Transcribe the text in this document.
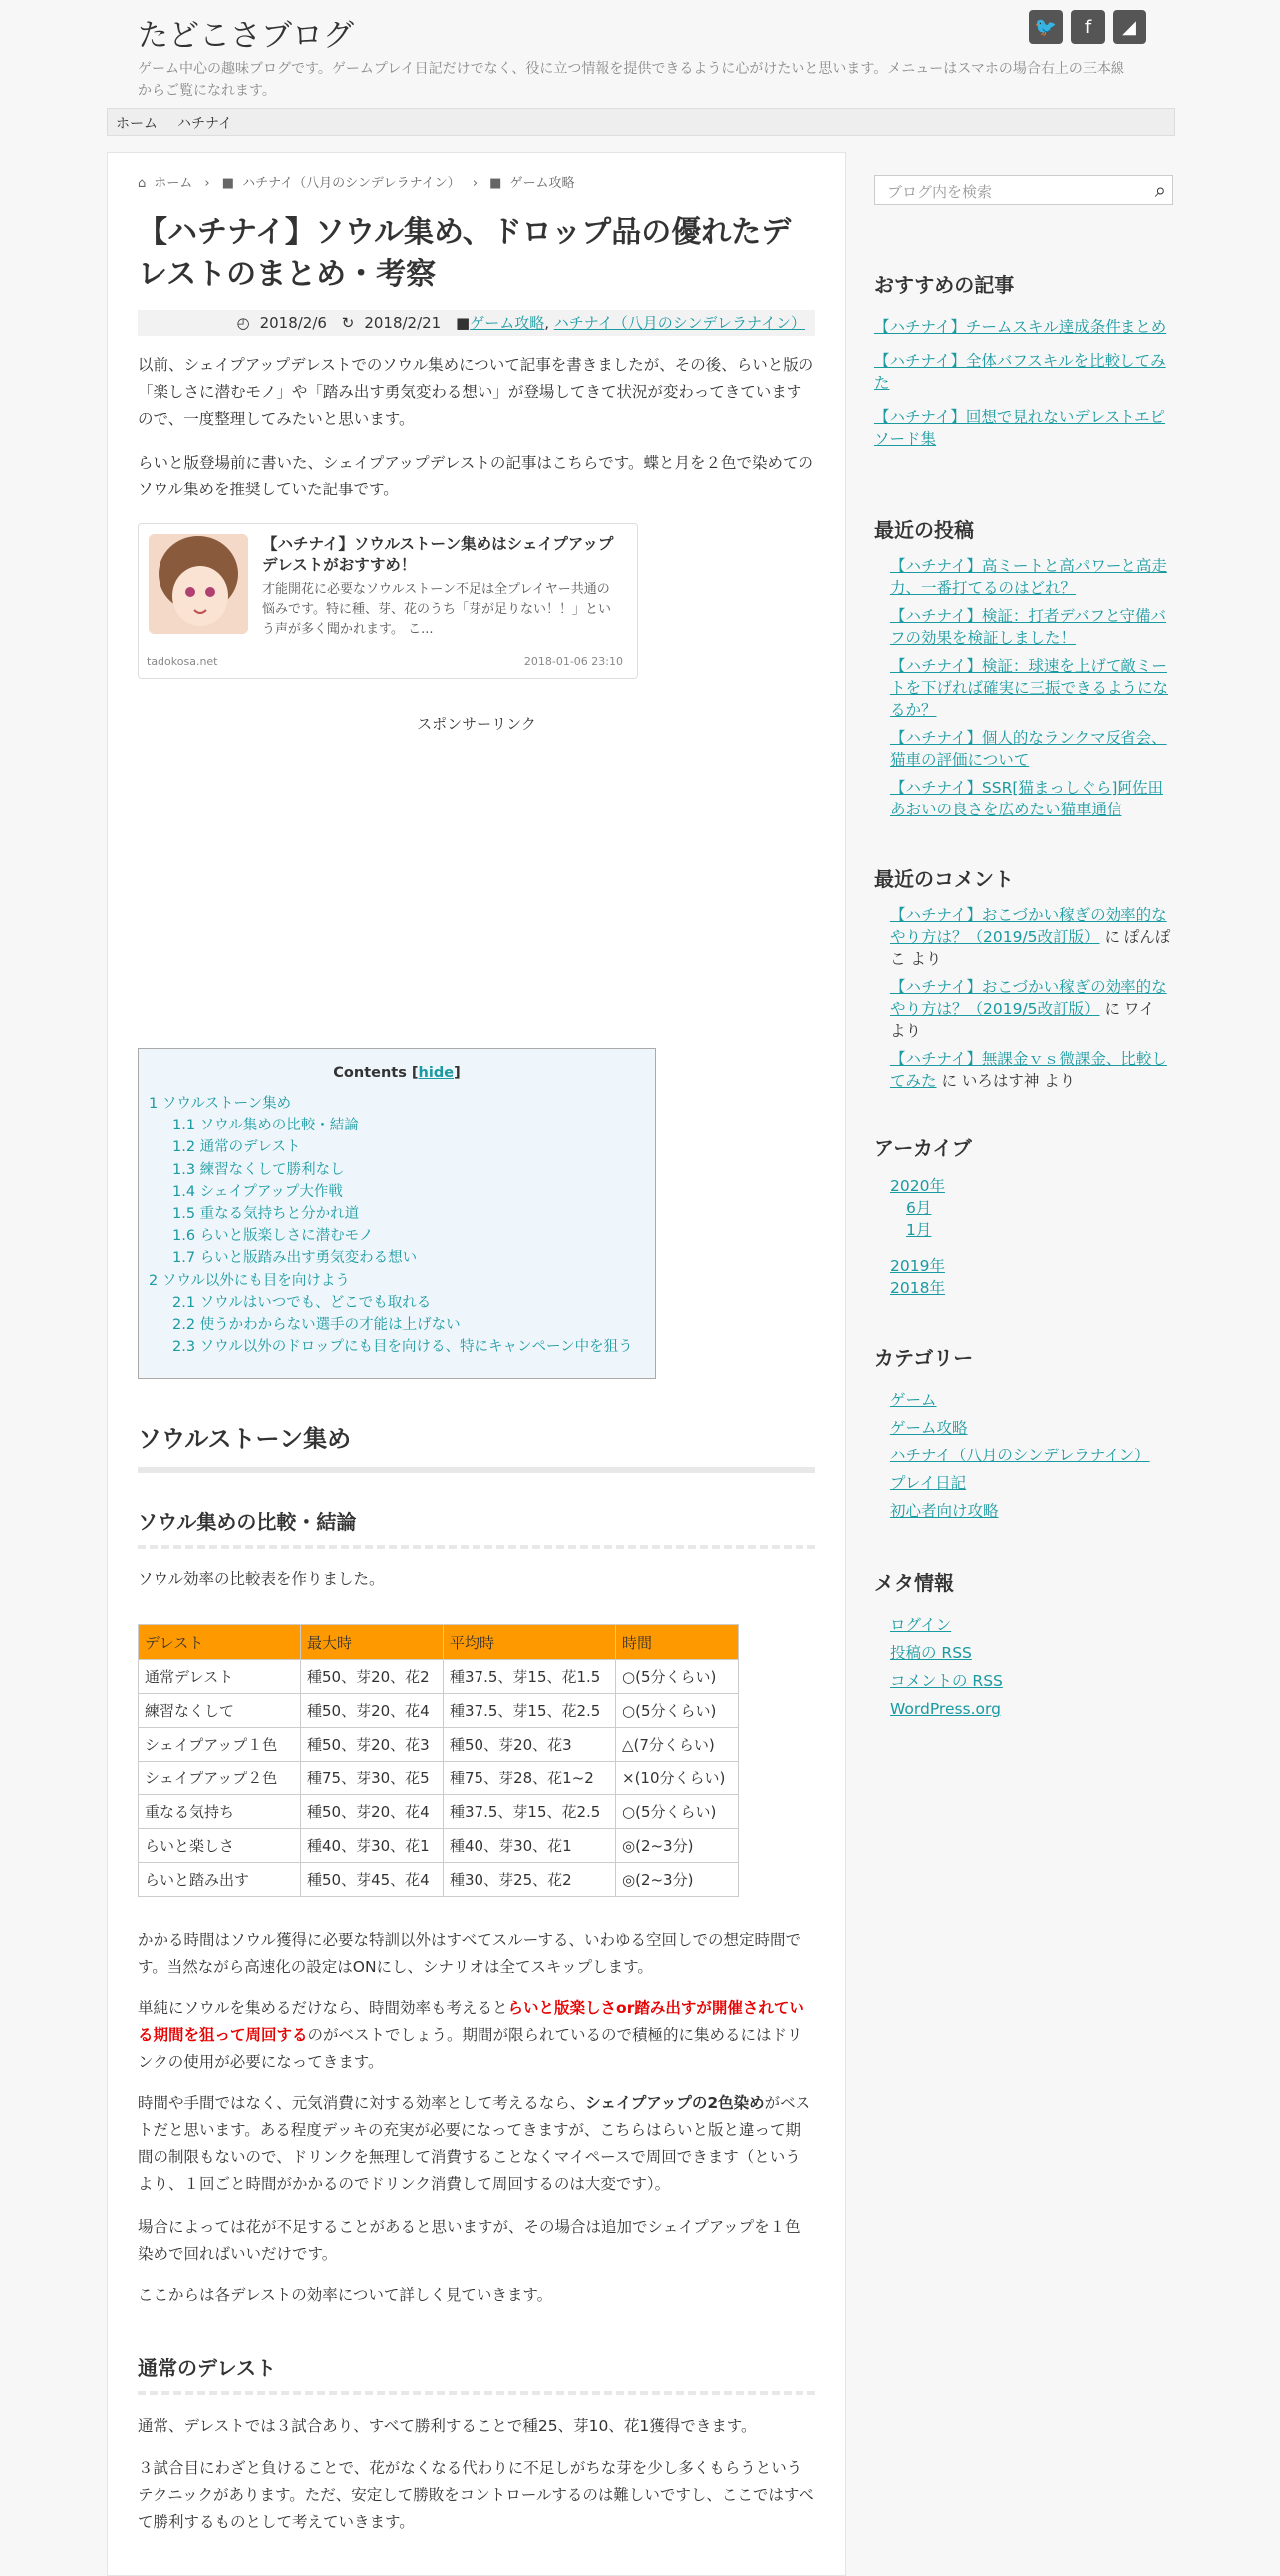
たどこさブログ
ゲーム中心の趣味ブログです。ゲームプレイ日記だけでなく、役に立つ情報を提供できるように心がけたいと思います。メニューはスマホの場合右上の三本線からご覧になれます。
🐦	f	◢
ホーム ハチナイ
⌂ ホーム › ■ ハチナイ（八月のシンデレラナイン） › ■ ゲーム攻略
【ハチナイ】ソウル集め、ドロップ品の優れたデレストのまとめ・考察
◴ 2018/2/6 ↻ 2018/2/21 ■ゲーム攻略, ハチナイ（八月のシンデレラナイン）

以前、シェイプアップデレストでのソウル集めについて記事を書きましたが、その後、らいと版の「楽しさに潜むモノ」や「踏み出す勇気変わる想い」が登場してきて状況が変わってきていますので、一度整理してみたいと思います。

らいと版登場前に書いた、シェイプアップデレストの記事はこちらです。蝶と月を２色で染めてのソウル集めを推奨していた記事です。

【ハチナイ】ソウルストーン集めはシェイプアップデレストがおすすめ！
才能開花に必要なソウルストーン不足は全プレイヤー共通の悩みです。特に種、芽、花のうち「芽が足りない！！」という声が多く聞かれます。 こ...
tadokosa.net	2018-01-06 23:10
スポンサーリンク
Contents [hide]
1 ソウルストーン集め
1.1 ソウル集めの比較・結論
1.2 通常のデレスト
1.3 練習なくして勝利なし
1.4 シェイプアップ大作戦
1.5 重なる気持ちと分かれ道
1.6 らいと版楽しさに潜むモノ
1.7 らいと版踏み出す勇気変わる想い
2 ソウル以外にも目を向けよう
2.1 ソウルはいつでも、どこでも取れる
2.2 使うかわからない選手の才能は上げない
2.3 ソウル以外のドロップにも目を向ける、特にキャンペーン中を狙う
ソウルストーン集め
ソウル集めの比較・結論

ソウル効率の比較表を作りました。

デレスト	最大時	平均時	時間
通常デレスト	種50、芽20、花2	種37.5、芽15、花1.5	○(5分くらい)
練習なくして	種50、芽20、花4	種37.5、芽15、花2.5	○(5分くらい)
シェイプアップ１色	種50、芽20、花3	種50、芽20、花3	△(7分くらい)
シェイプアップ２色	種75、芽30、花5	種75、芽28、花1~2	×(10分くらい)
重なる気持ち	種50、芽20、花4	種37.5、芽15、花2.5	○(5分くらい)
らいと楽しさ	種40、芽30、花1	種40、芽30、花1	◎(2~3分)
らいと踏み出す	種50、芽45、花4	種30、芽25、花2	◎(2~3分)

かかる時間はソウル獲得に必要な特訓以外はすべてスルーする、いわゆる空回しでの想定時間です。当然ながら高速化の設定はONにし、シナリオは全てスキップします。

単純にソウルを集めるだけなら、時間効率も考えるとらいと版楽しさor踏み出すが開催されている期間を狙って周回するのがベストでしょう。期間が限られているので積極的に集めるにはドリンクの使用が必要になってきます。

時間や手間ではなく、元気消費に対する効率として考えるなら、シェイプアップの2色染めがベストだと思います。ある程度デッキの充実が必要になってきますが、こちらはらいと版と違って期間の制限もないので、ドリンクを無理して消費することなくマイペースで周回できます（というより、１回ごと時間がかかるのでドリンク消費して周回するのは大変です）。

場合によっては花が不足することがあると思いますが、その場合は追加でシェイプアップを１色染めで回ればいいだけです。

ここからは各デレストの効率について詳しく見ていきます。

通常のデレスト

通常、デレストでは３試合あり、すべて勝利することで種25、芽10、花1獲得できます。

３試合目にわざと負けることで、花がなくなる代わりに不足しがちな芽を少し多くもらうというテクニックがあります。ただ、安定して勝敗をコントロールするのは難しいですし、ここではすべて勝利するものとして考えていきます。

ブログ内を検索	⌕
おすすめの記事
【ハチナイ】チームスキル達成条件まとめ
【ハチナイ】全体バフスキルを比較してみた
【ハチナイ】回想で見れないデレストエピソード集
最近の投稿
【ハチナイ】高ミートと高パワーと高走力、一番打てるのはどれ？
【ハチナイ】検証：打者デバフと守備バフの効果を検証しました！
【ハチナイ】検証：球速を上げて敵ミートを下げれば確実に三振できるようになるか？
【ハチナイ】個人的なランクマ反省会、猫車の評価について
【ハチナイ】SSR[猫まっしぐら]阿佐田あおいの良さを広めたい猫車通信
最近のコメント
【ハチナイ】おこづかい稼ぎの効率的なやり方は？（2019/5改訂版） に ぽんぽこ より
【ハチナイ】おこづかい稼ぎの効率的なやり方は？（2019/5改訂版） に ワイ より
【ハチナイ】無課金ｖｓ微課金、比較してみた に いろはす神 より
アーカイブ
2020年
6月
1月

2019年
2018年
カテゴリー
ゲーム
ゲーム攻略
ハチナイ（八月のシンデレラナイン）
プレイ日記
初心者向け攻略
メタ情報
ログイン
投稿の RSS
コメントの RSS
WordPress.org
